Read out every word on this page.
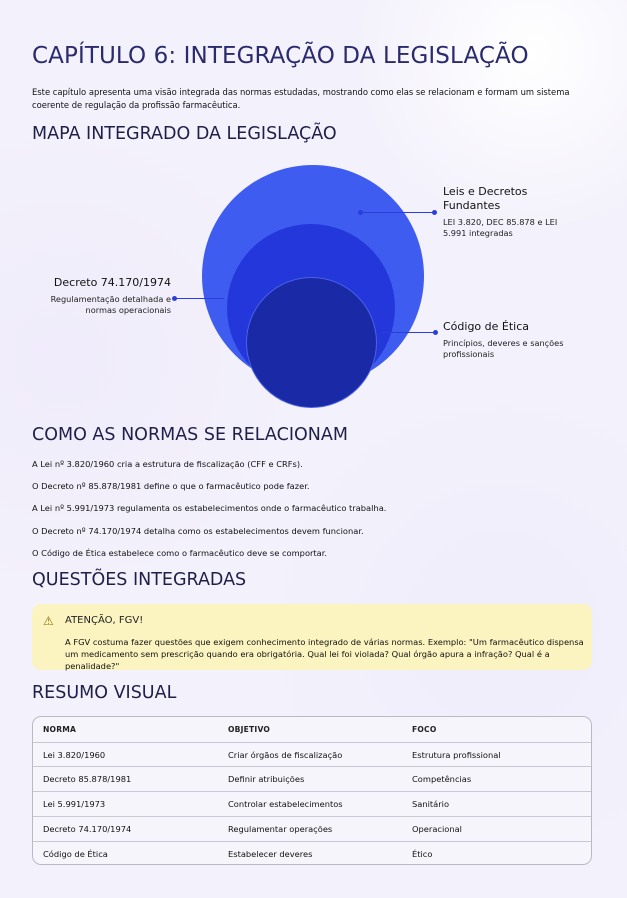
CAPÍTULO 6: INTEGRAÇÃO DA LEGISLAÇÃO

Este capítulo apresenta uma visão integrada das normas estudadas, mostrando como elas se relacionam e formam um sistema coerente de regulação da profissão farmacêutica.

MAPA INTEGRADO DA LEGISLAÇÃO
Leis e Decretos Fundantes
LEI 3.820, DEC 85.878 e LEI 5.991 integradas
Decreto 74.170/1974
Regulamentação detalhada e normas operacionais
Código de Ética
Princípios, deveres e sanções profissionais
COMO AS NORMAS SE RELACIONAM

A Lei nº 3.820/1960 cria a estrutura de fiscalização (CFF e CRFs).

O Decreto nº 85.878/1981 define o que o farmacêutico pode fazer.

A Lei nº 5.991/1973 regulamenta os estabelecimentos onde o farmacêutico trabalha.

O Decreto nº 74.170/1974 detalha como os estabelecimentos devem funcionar.

O Código de Ética estabelece como o farmacêutico deve se comportar.

QUESTÕES INTEGRADAS
⚠ ATENÇÃO, FGV!
A FGV costuma fazer questões que exigem conhecimento integrado de várias normas. Exemplo: "Um farmacêutico dispensa um medicamento sem prescrição quando era obrigatória. Qual lei foi violada? Qual órgão apura a infração? Qual é a penalidade?"
RESUMO VISUAL
NORMA	OBJETIVO	FOCO
Lei 3.820/1960	Criar órgãos de fiscalização	Estrutura profissional
Decreto 85.878/1981	Definir atribuições	Competências
Lei 5.991/1973	Controlar estabelecimentos	Sanitário
Decreto 74.170/1974	Regulamentar operações	Operacional
Código de Ética	Estabelecer deveres	Ético
